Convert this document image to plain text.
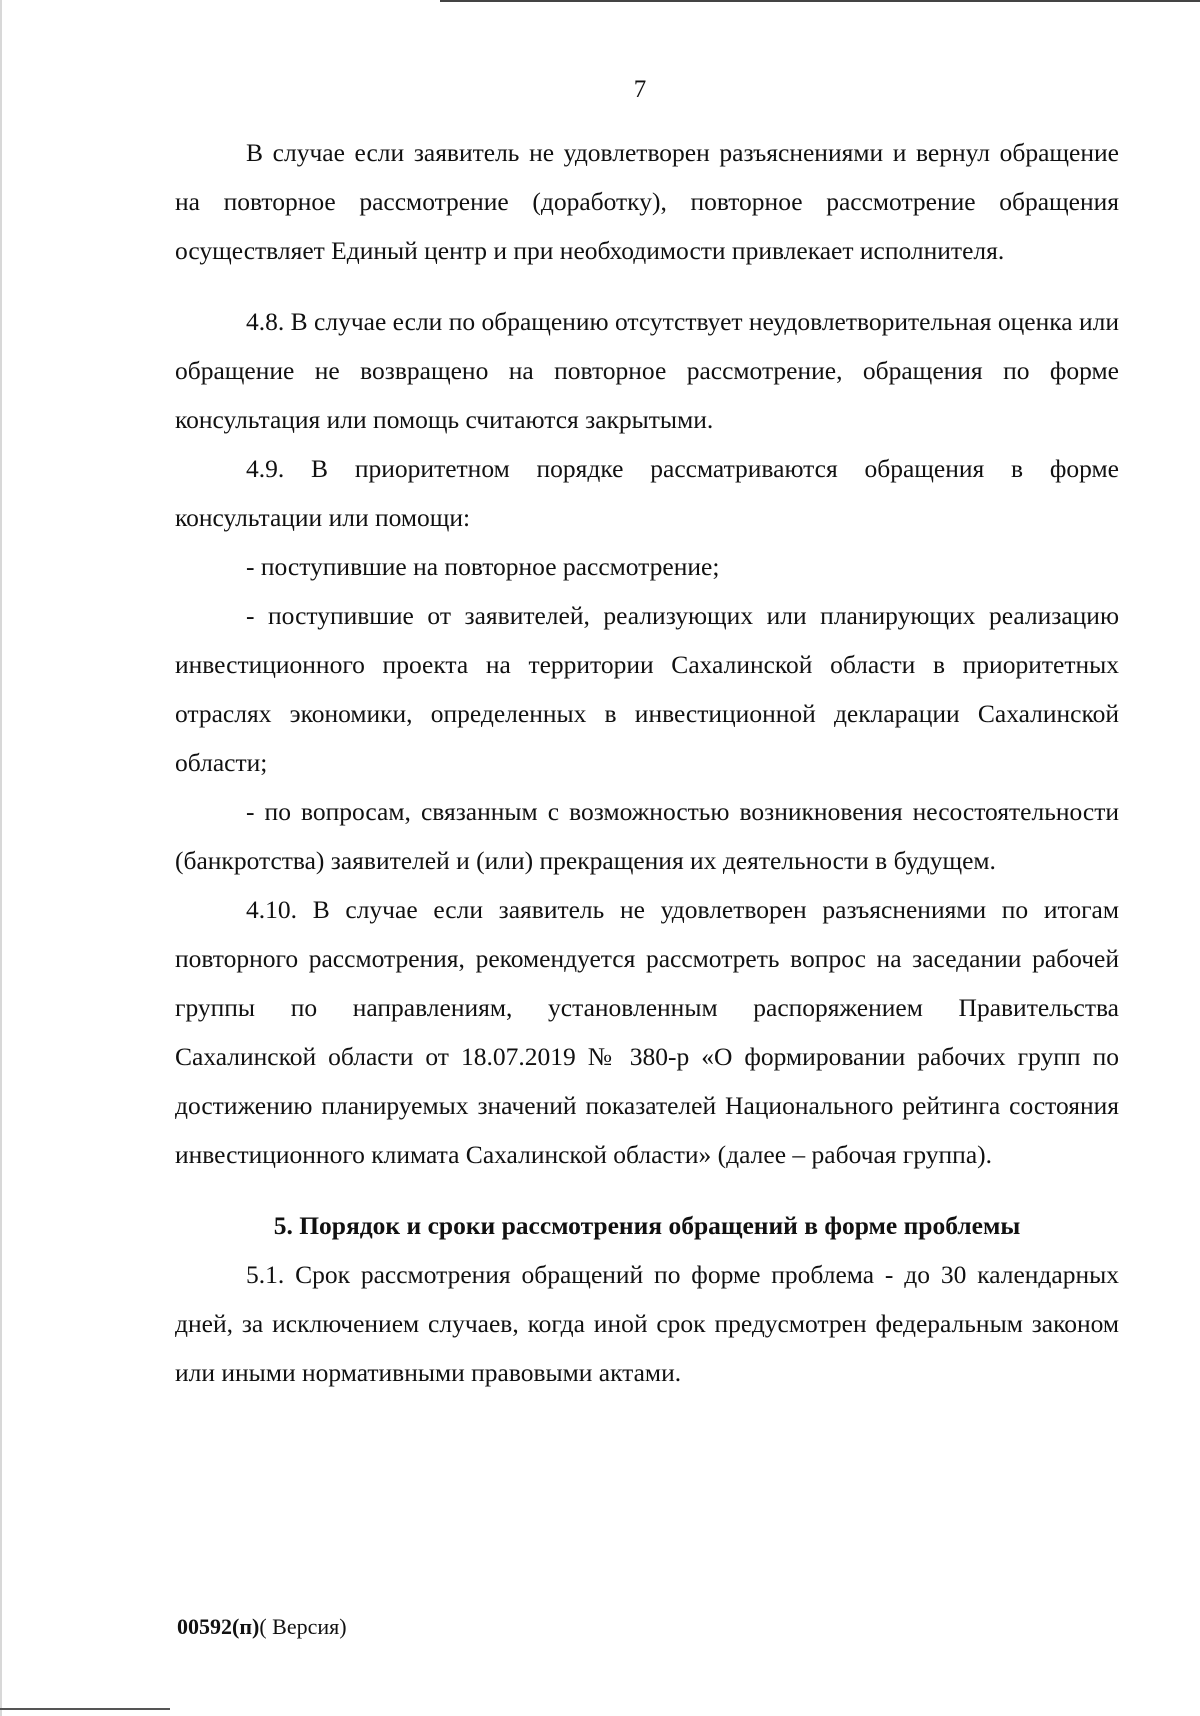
7

В случае если заявитель не удовлетворен разъяснениями и вернул обращение на повторное рассмотрение (доработку), повторное рассмотрение обращения осуществляет Единый центр и при необходимости привлекает исполнителя.

4.8. В случае если по обращению отсутствует неудовлетворительная оценка или обращение не возвращено на повторное рассмотрение, обращения по форме консультация или помощь считаются закрытыми.

4.9. В приоритетном порядке рассматриваются обращения в форме консультации или помощи:

- поступившие на повторное рассмотрение;

- поступившие от заявителей, реализующих или планирующих реализацию инвестиционного проекта на территории Сахалинской области в приоритетных отраслях экономики, определенных в инвестиционной декларации Сахалинской области;

- по вопросам, связанным с возможностью возникновения несостоятельности (банкротства) заявителей и (или) прекращения их деятельности в будущем.

4.10. В случае если заявитель не удовлетворен разъяснениями по итогам повторного рассмотрения, рекомендуется рассмотреть вопрос на заседании рабочей группы по направлениям, установленным распоряжением Правительства Сахалинской области от 18.07.2019 № 380-р «О формировании рабочих групп по достижению планируемых значений показателей Национального рейтинга состояния инвестиционного климата Сахалинской области» (далее – рабочая группа).

5. Порядок и сроки рассмотрения обращений в форме проблемы

5.1. Срок рассмотрения обращений по форме проблема - до 30 календарных дней, за исключением случаев, когда иной срок предусмотрен федеральным законом или иными нормативными правовыми актами.

00592(п)( Версия)
